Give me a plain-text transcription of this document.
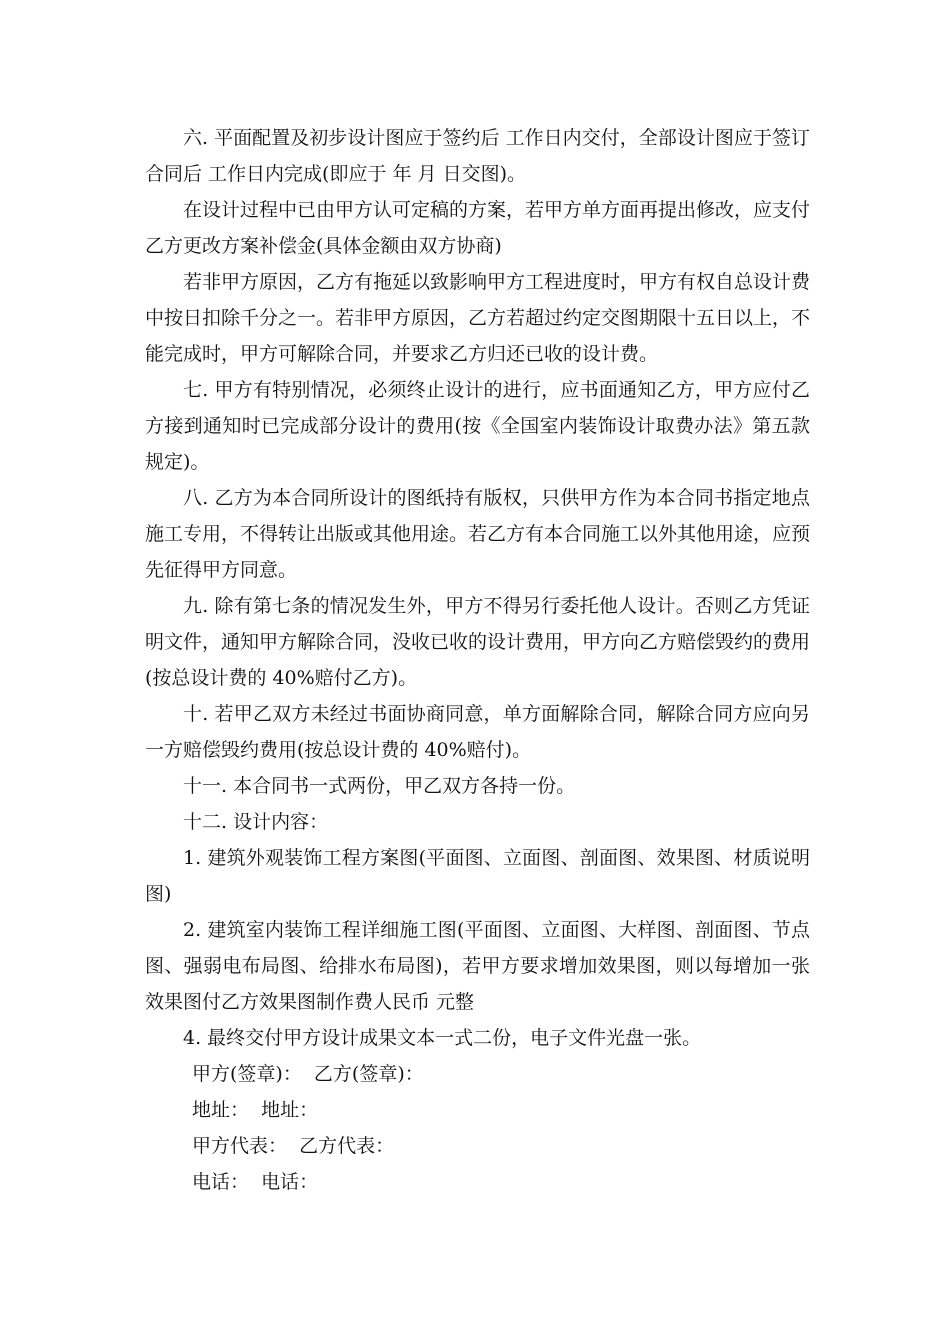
六. 平面配置及初步设计图应于签约后 工作日内交付，全部设计图应于签订合同后 工作日内完成(即应于 年 月 日交图)。

在设计过程中已由甲方认可定稿的方案，若甲方单方面再提出修改，应支付乙方更改方案补偿金(具体金额由双方协商)

若非甲方原因，乙方有拖延以致影响甲方工程进度时，甲方有权自总设计费中按日扣除千分之一。若非甲方原因，乙方若超过约定交图期限十五日以上，不能完成时，甲方可解除合同，并要求乙方归还已收的设计费。

七. 甲方有特别情况，必须终止设计的进行，应书面通知乙方，甲方应付乙方接到通知时已完成部分设计的费用(按《全国室内装饰设计取费办法》第五款规定)。

八. 乙方为本合同所设计的图纸持有版权，只供甲方作为本合同书指定地点施工专用，不得转让出版或其他用途。若乙方有本合同施工以外其他用途，应预先征得甲方同意。

九. 除有第七条的情况发生外，甲方不得另行委托他人设计。否则乙方凭证明文件，通知甲方解除合同，没收已收的设计费用，甲方向乙方赔偿毁约的费用(按总设计费的 40%赔付乙方)。

十. 若甲乙双方未经过书面协商同意，单方面解除合同，解除合同方应向另一方赔偿毁约费用(按总设计费的 40%赔付)。

十一. 本合同书一式两份，甲乙双方各持一份。

十二. 设计内容：

1. 建筑外观装饰工程方案图(平面图、立面图、剖面图、效果图、材质说明图)

2. 建筑室内装饰工程详细施工图(平面图、立面图、大样图、剖面图、节点图、强弱电布局图、给排水布局图)，若甲方要求增加效果图，则以每增加一张效果图付乙方效果图制作费人民币 元整

4. 最终交付甲方设计成果文本一式二份，电子文件光盘一张。

甲方(签章)：  乙方(签章)：

地址：  地址：

甲方代表：  乙方代表：

电话：  电话：
